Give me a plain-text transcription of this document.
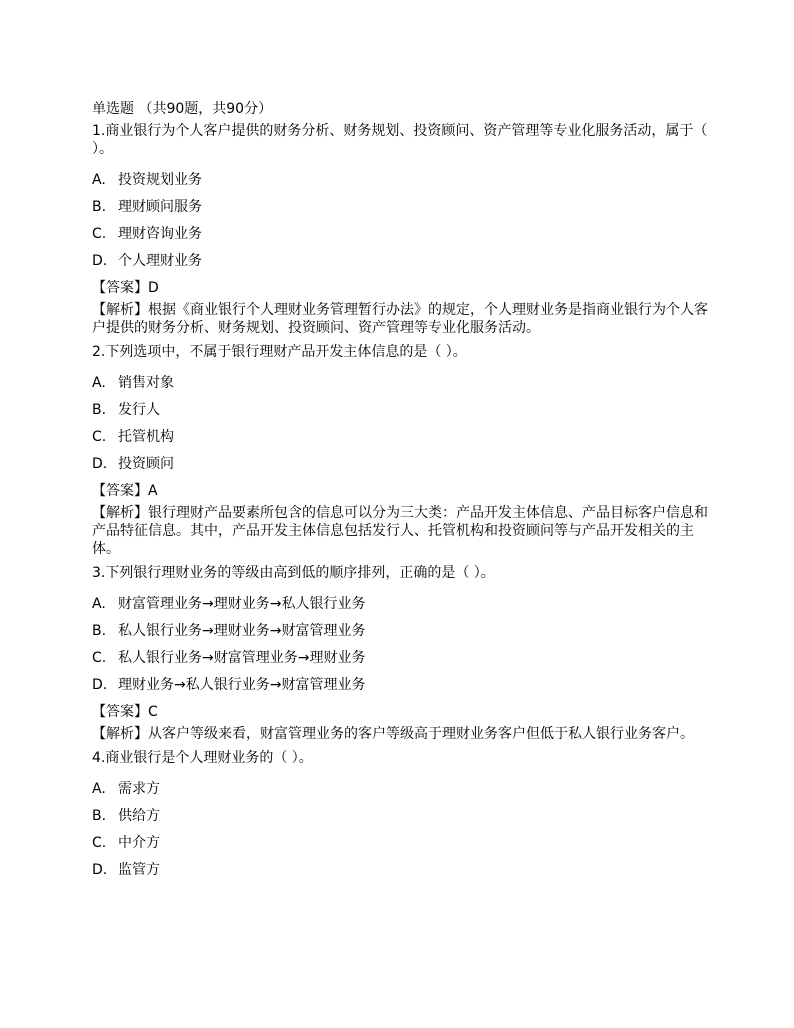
单选题 （共90题，共90分）

1.商业银行为个人客户提供的财务分析、财务规划、投资顾问、资产管理等专业化服务活动，属于（ ）。

A. 投资规划业务

B. 理财顾问服务

C. 理财咨询业务

D. 个人理财业务

【答案】D

【解析】根据《商业银行个人理财业务管理暂行办法》的规定，个人理财业务是指商业银行为个人客户提供的财务分析、财务规划、投资顾问、资产管理等专业化服务活动。

2.下列选项中，不属于银行理财产品开发主体信息的是（ ）。

A. 销售对象

B. 发行人

C. 托管机构

D. 投资顾问

【答案】A

【解析】银行理财产品要素所包含的信息可以分为三大类：产品开发主体信息、产品目标客户信息和产品特征信息。其中，产品开发主体信息包括发行人、托管机构和投资顾问等与产品开发相关的主体。

3.下列银行理财业务的等级由高到低的顺序排列，正确的是（ ）。

A. 财富管理业务→理财业务→私人银行业务

B. 私人银行业务→理财业务→财富管理业务

C. 私人银行业务→财富管理业务→理财业务

D. 理财业务→私人银行业务→财富管理业务

【答案】C

【解析】从客户等级来看，财富管理业务的客户等级高于理财业务客户但低于私人银行业务客户。

4.商业银行是个人理财业务的（ ）。

A. 需求方

B. 供给方

C. 中介方

D. 监管方
